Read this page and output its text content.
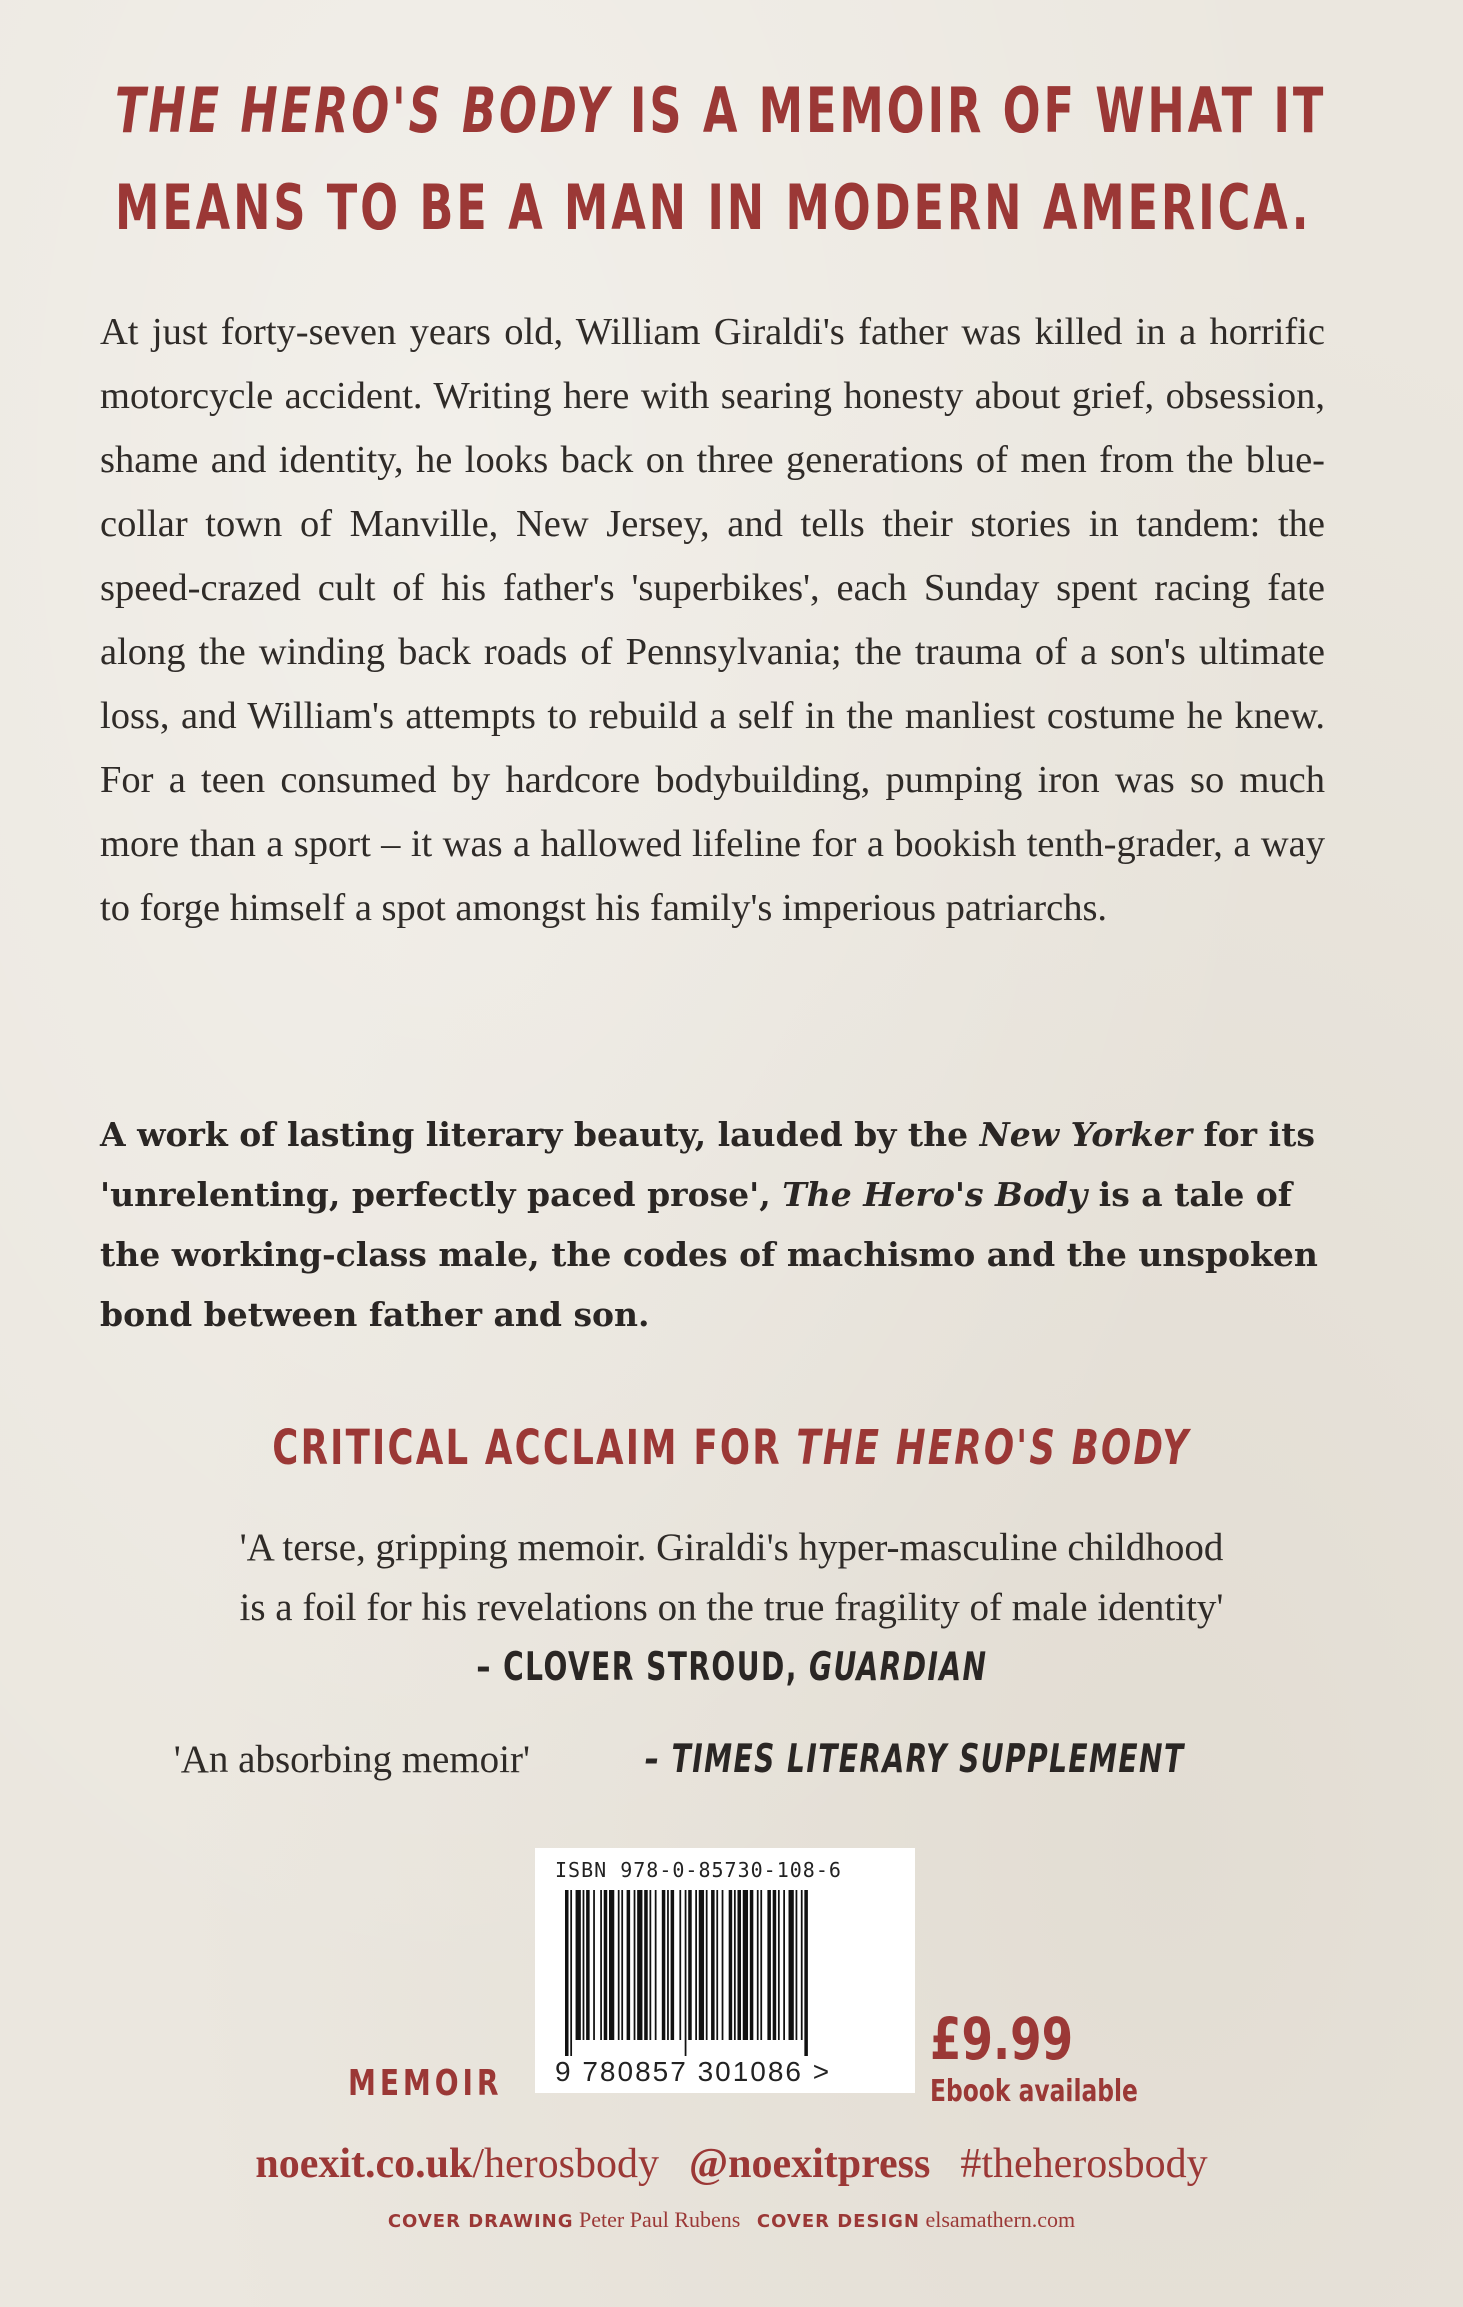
THE HERO'S BODY IS A MEMOIR OF WHAT IT
MEANS TO BE A MAN IN MODERN AMERICA.

At just forty-seven years old, William Giraldi's father was killed in a horrific motorcycle accident. Writing here with searing honesty about grief, obsession, shame and identity, he looks back on three generations of men from the blue-collar town of Manville, New Jersey, and tells their stories in tandem: the speed-crazed cult of his father's 'superbikes', each Sunday spent racing fate along the winding back roads of Pennsylvania; the trauma of a son's ultimate loss, and William's attempts to rebuild a self in the manliest costume he knew. For a teen consumed by hardcore bodybuilding, pumping iron was so much more than a sport – it was a hallowed lifeline for a bookish tenth-grader, a way to forge himself a spot amongst his family's imperious patriarchs.

A work of lasting literary beauty, lauded by the New Yorker for its 'unrelenting, perfectly paced prose', The Hero's Body is a tale of the working-class male, the codes of machismo and the unspoken bond between father and son.

CRITICAL ACCLAIM FOR THE HERO'S BODY
'A terse, gripping memoir. Giraldi's hyper-masculine childhood
is a foil for his revelations on the true fragility of male identity'
– CLOVER STROUD, GUARDIAN
'An absorbing memoir'	– TIMES LITERARY SUPPLEMENT
ISBN 978-0-85730-108-6
9 780857 301086 >
MEMOIR
£9.99
Ebook available
noexit.co.uk/herosbody @noexitpress #theherosbody
COVER DRAWING Peter Paul Rubens COVER DESIGN elsamathern.com
